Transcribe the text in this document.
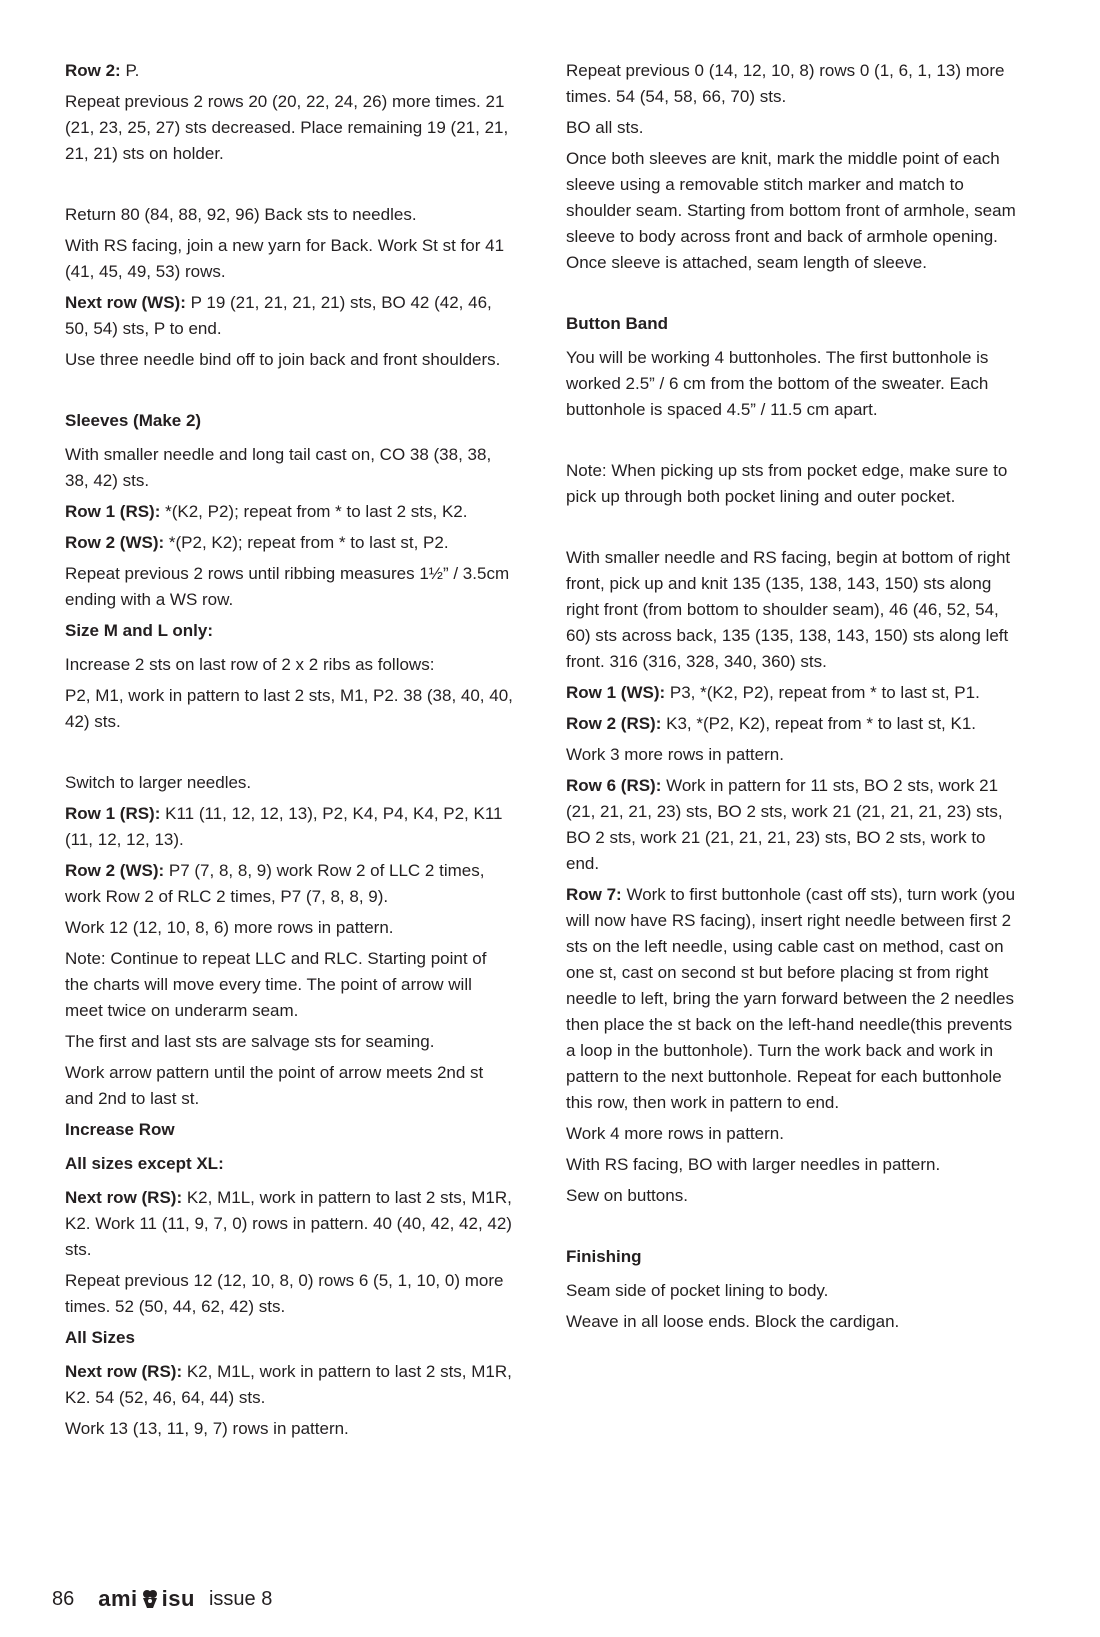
Row 2: P.

Repeat previous 2 rows 20 (20, 22, 24, 26) more times. 21 (21, 23, 25, 27) sts decreased. Place remaining 19 (21, 21, 21, 21) sts on holder.

Return 80 (84, 88, 92, 96) Back sts to needles.

With RS facing, join a new yarn for Back. Work St st for 41 (41, 45, 49, 53) rows.

Next row (WS): P 19 (21, 21, 21, 21) sts, BO 42 (42, 46, 50, 54) sts, P to end.

Use three needle bind off to join back and front shoulders.

Sleeves (Make 2)

With smaller needle and long tail cast on, CO 38 (38, 38, 38, 42) sts.

Row 1 (RS): *(K2, P2); repeat from * to last 2 sts, K2.

Row 2 (WS): *(P2, K2); repeat from * to last st, P2.

Repeat previous 2 rows until ribbing measures 1½” / 3.5cm ending with a WS row.

Size M and L only:

Increase 2 sts on last row of 2 x 2 ribs as follows:

P2, M1, work in pattern to last 2 sts, M1, P2. 38 (38, 40, 40, 42) sts.

Switch to larger needles.

Row 1 (RS): K11 (11, 12, 12, 13), P2, K4, P4, K4, P2, K11 (11, 12, 12, 13).

Row 2 (WS): P7 (7, 8, 8, 9) work Row 2 of LLC 2 times, work Row 2 of RLC 2 times, P7 (7, 8, 8, 9).

Work 12 (12, 10, 8, 6) more rows in pattern.

Note: Continue to repeat LLC and RLC. Starting point of the charts will move every time. The point of arrow will meet twice on underarm seam.

The first and last sts are salvage sts for seaming.

Work arrow pattern until the point of arrow meets 2nd st and 2nd to last st.

Increase Row

All sizes except XL:

Next row (RS): K2, M1L, work in pattern to last 2 sts, M1R, K2. Work 11 (11, 9, 7, 0) rows in pattern. 40 (40, 42, 42, 42) sts.

Repeat previous 12 (12, 10, 8, 0) rows 6 (5, 1, 10, 0) more times. 52 (50, 44, 62, 42) sts.

All Sizes

Next row (RS): K2, M1L, work in pattern to last 2 sts, M1R, K2. 54 (52, 46, 64, 44) sts.

Work 13 (13, 11, 9, 7) rows in pattern.

Repeat previous 0 (14, 12, 10, 8) rows 0 (1, 6, 1, 13) more times. 54 (54, 58, 66, 70) sts.

BO all sts.

Once both sleeves are knit, mark the middle point of each sleeve using a removable stitch marker and match to shoulder seam. Starting from bottom front of armhole, seam sleeve to body across front and back of armhole opening. Once sleeve is attached, seam length of sleeve.

Button Band

You will be working 4 buttonholes. The first buttonhole is worked 2.5” / 6 cm from the bottom of the sweater. Each buttonhole is spaced 4.5” / 11.5 cm apart.

Note: When picking up sts from pocket edge, make sure to pick up through both pocket lining and outer pocket.

With smaller needle and RS facing, begin at bottom of right front, pick up and knit 135 (135, 138, 143, 150) sts along right front (from bottom to shoulder seam), 46 (46, 52, 54, 60) sts across back, 135 (135, 138, 143, 150) sts along left front. 316 (316, 328, 340, 360) sts.

Row 1 (WS): P3, *(K2, P2), repeat from * to last st, P1.

Row 2 (RS): K3, *(P2, K2), repeat from * to last st, K1.

Work 3 more rows in pattern.

Row 6 (RS): Work in pattern for 11 sts, BO 2 sts, work 21 (21, 21, 21, 23) sts, BO 2 sts, work 21 (21, 21, 21, 23) sts, BO 2 sts, work 21 (21, 21, 21, 23) sts, BO 2 sts, work to end.

Row 7: Work to first buttonhole (cast off sts), turn work (you will now have RS facing), insert right needle between first 2 sts on the left needle, using cable cast on method, cast on one st, cast on second st but before placing st from right needle to left, bring the yarn forward between the 2 needles then place the st back on the left-hand needle(this prevents a loop in the buttonhole). Turn the work back and work in pattern to the next buttonhole. Repeat for each buttonhole this row, then work in pattern to end.

Work 4 more rows in pattern.

With RS facing, BO with larger needles in pattern.

Sew on buttons.

Finishing

Seam side of pocket lining to body.

Weave in all loose ends. Block the cardigan.

86 ami isu issue 8
